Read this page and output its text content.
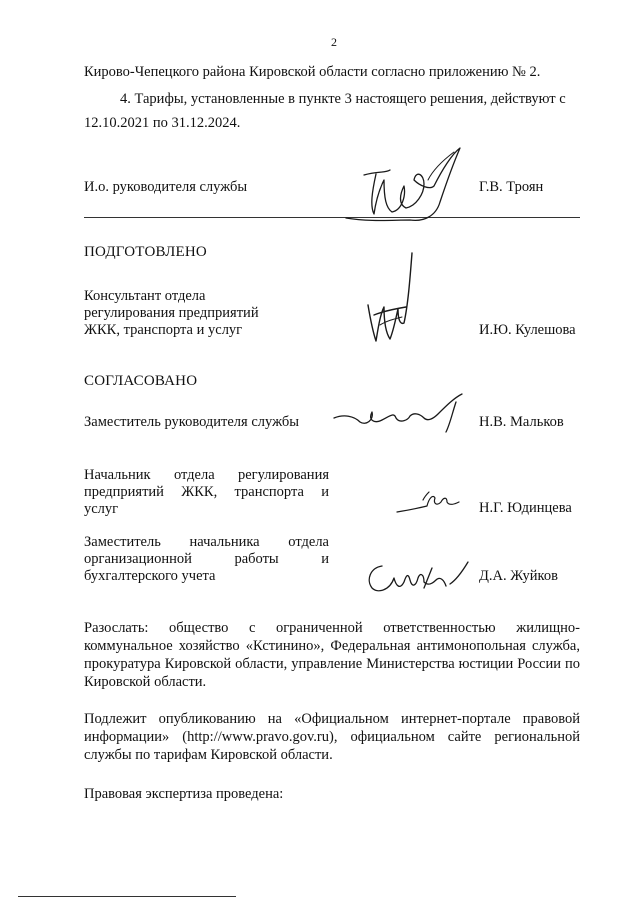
2
Кирово-Чепецкого района Кировской области согласно приложению № 2.
4. Тарифы, установленные в пункте 3 настоящего решения, действуют с
12.10.2021 по 31.12.2024.
И.о. руководителя службы	Г.В. Троян
ПОДГОТОВЛЕНО
Консультант отдела
регулирования предприятий
ЖКК, транспорта и услуг	И.Ю. Кулешова
СОГЛАСОВАНО
Заместитель руководителя службы	Н.В. Мальков
Начальник отдела регулирования
предприятий ЖКК, транспорта и
услуг	Н.Г. Юдинцева
Заместитель начальника отдела
организационной работы и
бухгалтерского учета	Д.А. Жуйков
Разослать: общество с ограниченной ответственностью жилищно-коммунальное хозяйство «Кстинино», Федеральная антимонопольная служба, прокуратура Кировской области, управление Министерства юстиции России по Кировской области.
Подлежит опубликованию на «Официальном интернет-портале правовой информации» (http://www.pravo.gov.ru), официальном сайте региональной службы по тарифам Кировской области.
Правовая экспертиза проведена:
